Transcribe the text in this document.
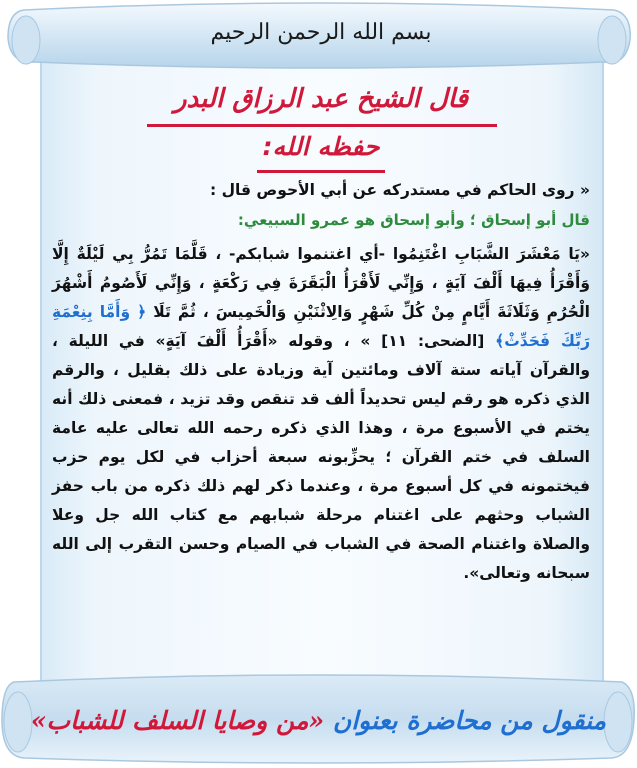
بسم الله الرحمن الرحيم
قال الشيخ عبد الرزاق البدر
حفظه الله:
« روى الحاكم في مستدركه عن أبي الأحوص قال :
قال أبو إسحاق ؛ وأبو إسحاق هو عمرو السبيعي:
«يَا مَعْشَرَ الشَّبَابِ اغْتَنِمُوا -أي اغتنموا شبابكم- ، قَلَّمَا تَمُرُّ بِي لَيْلَةٌ إِلَّا وَأَقْرَأُ فِيهَا أَلْفَ آيَةٍ ، وَإِنِّي لَأَقْرَأُ الْبَقَرَةَ فِي رَكْعَةٍ ، وَإِنِّي لَأَصُومُ أَشْهُرَ الْحُرُمِ وَثَلَاثَةَ أَيَّامٍ مِنْ كُلِّ شَهْرٍ وَالِاثْنَيْنِ وَالْخَمِيسَ ، ثُمَّ تَلَا ﴿ وَأَمَّا بِنِعْمَةِ رَبِّكَ فَحَدِّثْ﴾ [الضحى: ١١] » ، وقوله «أَقْرَأُ أَلْفَ آيَةٍ» في الليلة ، والقرآن آياته ستة آلاف ومائتين آية وزيادة على ذلك بقليل ، والرقم الذي ذكره هو رقم ليس تحديداً ألف قد تنقص وقد تزيد ، فمعنى ذلك أنه يختم في الأسبوع مرة ، وهذا الذي ذكره رحمه الله تعالى عليه عامة السلف في ختم القرآن ؛ يحزِّبونه سبعة أحزاب في لكل يوم حزب فيختمونه في كل أسبوع مرة ، وعندما ذكر لهم ذلك ذكره من باب حفز الشباب وحثهم على اغتنام مرحلة شبابهم مع كتاب الله جل وعلا والصلاة واغتنام الصحة في الشباب في الصيام وحسن التقرب إلى الله سبحانه وتعالى».
منقول من محاضرة بعنوان «من وصايا السلف للشباب»
